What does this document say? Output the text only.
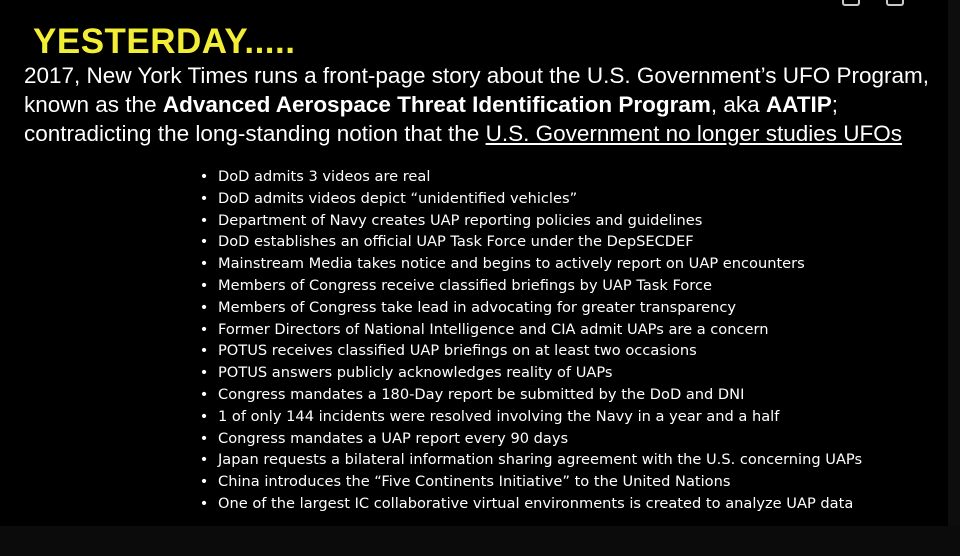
YESTERDAY.....

2017, New York Times runs a front-page story about the U.S. Government’s UFO Program, known as the Advanced Aerospace Threat Identification Program, aka AATIP; contradicting the long-standing notion that the U.S. Government no longer studies UFOs

• DoD admits 3 videos are real
• DoD admits videos depict “unidentified vehicles”
• Department of Navy creates UAP reporting policies and guidelines
• DoD establishes an official UAP Task Force under the DepSECDEF
• Mainstream Media takes notice and begins to actively report on UAP encounters
• Members of Congress receive classified briefings by UAP Task Force
• Members of Congress take lead in advocating for greater transparency
• Former Directors of National Intelligence and CIA admit UAPs are a concern
• POTUS receives classified UAP briefings on at least two occasions
• POTUS answers publicly acknowledges reality of UAPs
• Congress mandates a 180-Day report be submitted by the DoD and DNI
• 1 of only 144 incidents were resolved involving the Navy in a year and a half
• Congress mandates a UAP report every 90 days
• Japan requests a bilateral information sharing agreement with the U.S. concerning UAPs
• China introduces the “Five Continents Initiative” to the United Nations
• One of the largest IC collaborative virtual environments is created to analyze UAP data
